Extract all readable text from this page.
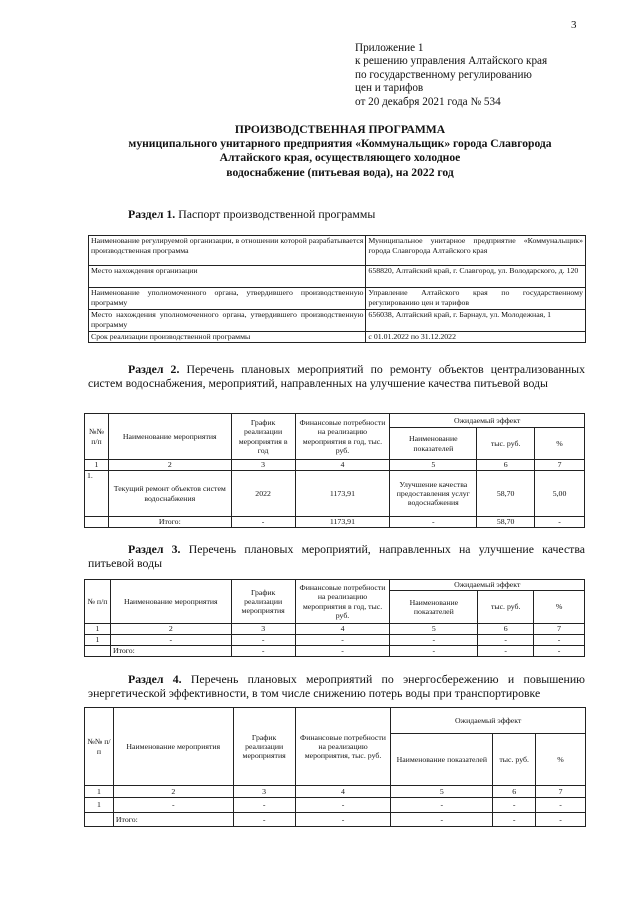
3
Приложение 1
к решению управления Алтайского края
по государственному регулированию
цен и тарифов
от 20 декабря 2021 года № 534
ПРОИЗВОДСТВЕННАЯ ПРОГРАММА
муниципального унитарного предприятия «Коммунальщик» города Славгорода
Алтайского края, осуществляющего холодное
водоснабжение (питьевая вода), на 2022 год
Раздел 1. Паспорт производственной программы
Наименование регулируемой организации, в отношении которой разрабатывается производственная программа	Муниципальное унитарное предприятие «Коммунальщик» города Славгорода Алтайского края
Место нахождения организации	658820, Алтайский край, г. Славгород, ул. Володарского, д. 120
Наименование уполномоченного органа, утвердившего производственную программу	Управление Алтайского края по государственному регулированию цен и тарифов
Место нахождения уполномоченного органа, утвердившего производственную программу	656038, Алтайский край, г. Барнаул, ул. Молодежная, 1
Срок реализации производственной программы	с 01.01.2022 по 31.12.2022
Раздел 2. Перечень плановых мероприятий по ремонту объектов централизованных систем водоснабжения, мероприятий, направленных на улучшение качества питьевой воды
№№ п/п	Наименование мероприятия	График реализации мероприятия в год	Финансовые потребности на реализацию мероприятия в год, тыс. руб.	Ожидаемый эффект		
				Наименование показателей	тыс. руб.	%
1	2	3	4	5	6	7
1.	Текущий ремонт объектов систем водоснабжения	2022	1173,91	Улучшение качества предоставления услуг водоснабжения	58,70	5,00
	Итого:	-	1173,91	-	58,70	-
Раздел 3. Перечень плановых мероприятий, направленных на улучшение качества питьевой воды
№ п/п	Наименование мероприятия	График реализации мероприятия	Финансовые потребности на реализацию мероприятия в год, тыс. руб.	Ожидаемый эффект		
				Наименование показателей	тыс. руб.	%
1	2	3	4	5	6	7
1	-	-	-	-	-	-
	Итого:	-	-	-	-	-
Раздел 4. Перечень плановых мероприятий по энергосбережению и повышению энергетической эффективности, в том числе снижению потерь воды при транспортировке
№№ п/п	Наименование мероприятия	График реализации мероприятия	Финансовые потребности на реализацию мероприятия, тыс. руб.	Ожидаемый эффект		
				Наименование показателей	тыс. руб.	%
1	2	3	4	5	6	7
1	-	-	-	-	-	-
	Итого:	-	-	-	-	-
